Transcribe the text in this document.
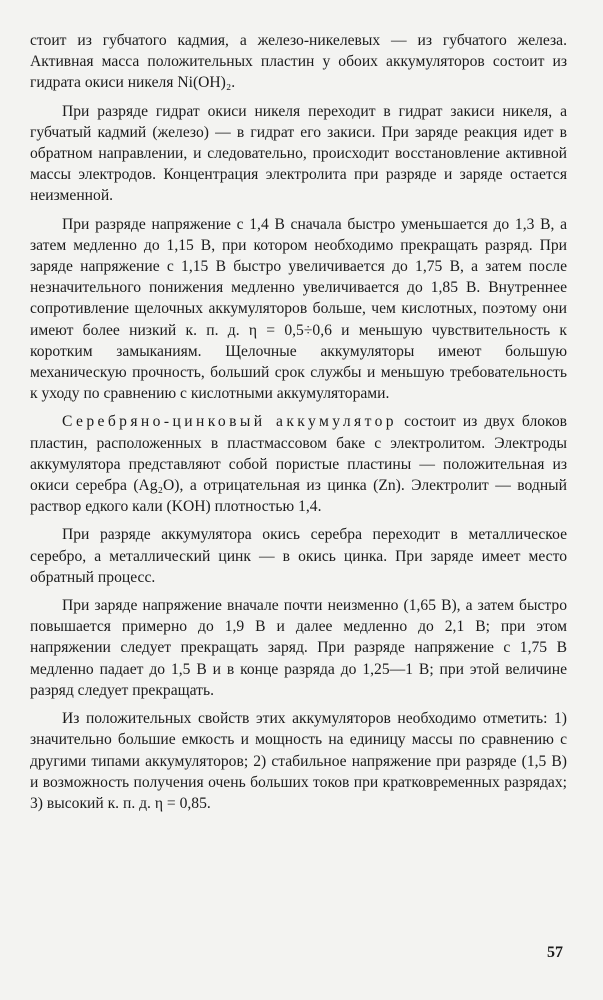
стоит из губчатого кадмия, а железо-никелевых — из губчатого железа. Активная масса положительных пластин у обоих аккумуляторов состоит из гидрата окиси никеля Ni(OH)₂.

При разряде гидрат окиси никеля переходит в гидрат закиси никеля, а губчатый кадмий (железо) — в гидрат его закиси. При заряде реакция идет в обратном направлении, и следовательно, происходит восстановление активной массы электродов. Концентрация электролита при разряде и заряде остается неизменной.

При разряде напряжение с 1,4 В сначала быстро уменьшается до 1,3 В, а затем медленно до 1,15 В, при котором необходимо прекращать разряд. При заряде напряжение с 1,15 В быстро увеличивается до 1,75 В, а затем после незначительного понижения медленно увеличивается до 1,85 В. Внутреннее сопротивление щелочных аккумуляторов больше, чем кислотных, поэтому они имеют более низкий к. п. д. η = 0,5÷0,6 и меньшую чувствительность к коротким замыканиям. Щелочные аккумуляторы имеют большую механическую прочность, больший срок службы и меньшую требовательность к уходу по сравнению с кислотными аккумуляторами.

Серебряно-цинковый аккумулятор состоит из двух блоков пластин, расположенных в пластмассовом баке с электролитом. Электроды аккумулятора представляют собой пористые пластины — положительная из окиси серебра (Ag₂O), а отрицательная из цинка (Zn). Электролит — водный раствор едкого кали (KOH) плотностью 1,4.

При разряде аккумулятора окись серебра переходит в металлическое серебро, а металлический цинк — в окись цинка. При заряде имеет место обратный процесс.

При заряде напряжение вначале почти неизменно (1,65 В), а затем быстро повышается примерно до 1,9 В и далее медленно до 2,1 В; при этом напряжении следует прекращать заряд. При разряде напряжение с 1,75 В медленно падает до 1,5 В и в конце разряда до 1,25—1 В; при этой величине разряд следует прекращать.

Из положительных свойств этих аккумуляторов необходимо отметить: 1) значительно большие емкость и мощность на единицу массы по сравнению с другими типами аккумуляторов; 2) стабильное напряжение при разряде (1,5 В) и возможность получения очень больших токов при кратковременных разрядах; 3) высокий к. п. д. η = 0,85.

57
